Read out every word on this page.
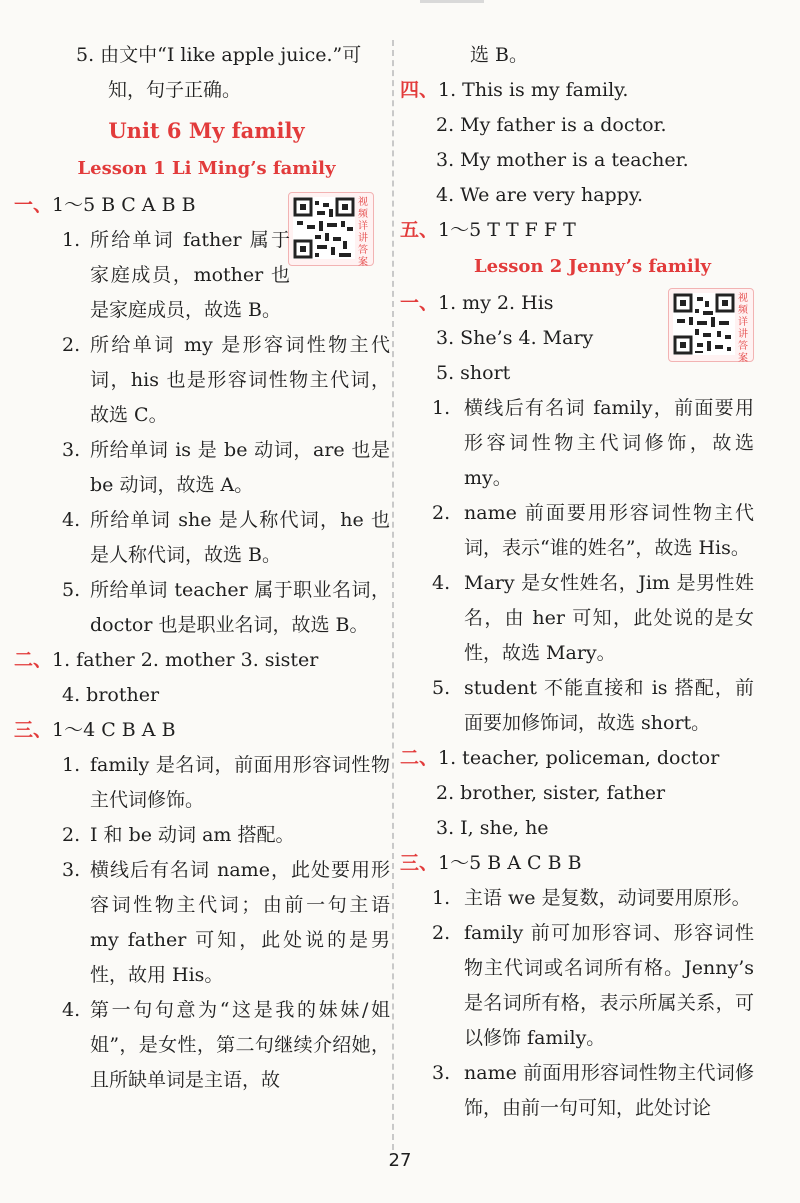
5. 由文中“I like apple juice.”可
知，句子正确。
Unit 6 My family
Lesson 1 Li Ming’s family
视频详讲答案
一、1～5 B C A B B
1. 所给单词 father 属于家庭成员，mother 也是家庭成员，故选 B。
2. 所给单词 my 是形容词性物主代词，his 也是形容词性物主代词，故选 C。
3. 所给单词 is 是 be 动词，are 也是 be 动词，故选 A。
4. 所给单词 she 是人称代词，he 也是人称代词，故选 B。
5. 所给单词 teacher 属于职业名词，doctor 也是职业名词，故选 B。
二、1. father 2. mother 3. sister
4. brother
三、1～4 C B A B
1. family 是名词，前面用形容词性物主代词修饰。
2. I 和 be 动词 am 搭配。
3. 横线后有名词 name，此处要用形容词性物主代词；由前一句主语 my father 可知，此处说的是男性，故用 His。
4. 第一句句意为“这是我的妹妹/姐姐”，是女性，第二句继续介绍她，且所缺单词是主语，故
选 B。
四、1. This is my family.
2. My father is a doctor.
3. My mother is a teacher.
4. We are very happy.
五、1～5 T T F F T
Lesson 2 Jenny’s family
视频详讲答案
一、1. my 2. His
3. She’s 4. Mary
5. short
1. 横线后有名词 family，前面要用形容词性物主代词修饰，故选 my。
2. name 前面要用形容词性物主代词，表示“谁的姓名”，故选 His。
4. Mary 是女性姓名，Jim 是男性姓名，由 her 可知，此处说的是女性，故选 Mary。
5. student 不能直接和 is 搭配，前面要加修饰词，故选 short。
二、1. teacher, policeman, doctor
2. brother, sister, father
3. I, she, he
三、1～5 B A C B B
1. 主语 we 是复数，动词要用原形。
2. family 前可加形容词、形容词性物主代词或名词所有格。Jenny’s 是名词所有格，表示所属关系，可以修饰 family。
3. name 前面用形容词性物主代词修饰，由前一句可知，此处讨论
27
